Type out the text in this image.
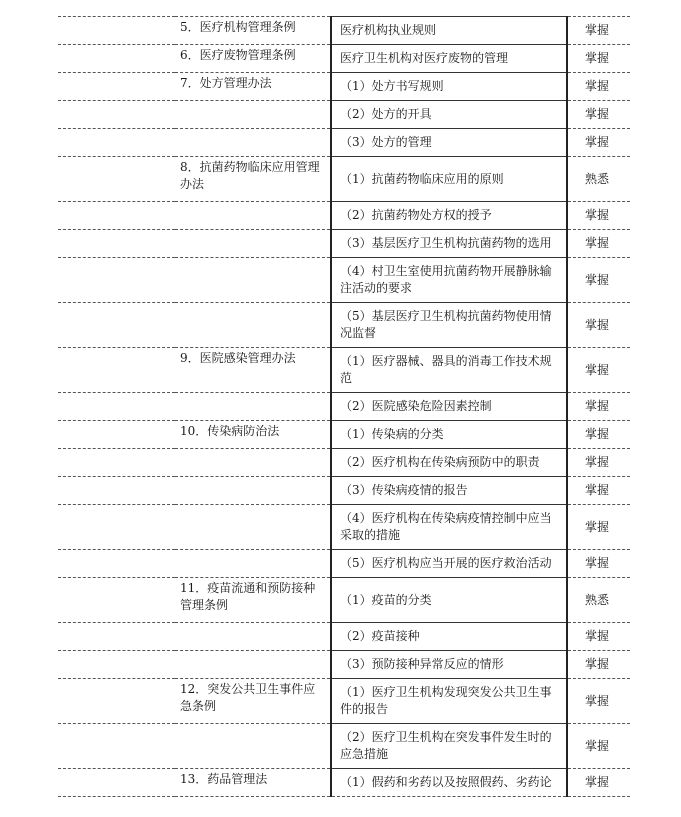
	5．医疗机构管理条例	医疗机构执业规则	掌握

	6．医疗废物管理条例	医疗卫生机构对医疗废物的管理	掌握

	7．处方管理办法	（1）处方书写规则	掌握

		（2）处方的开具	掌握

		（3）处方的管理	掌握

	8．抗菌药物临床应用管理办法	（1）抗菌药物临床应用的原则	熟悉

		（2）抗菌药物处方权的授予	掌握

		（3）基层医疗卫生机构抗菌药物的选用	掌握

		（4）村卫生室使用抗菌药物开展静脉输注活动的要求	掌握

		（5）基层医疗卫生机构抗菌药物使用情况监督	掌握

	9．医院感染管理办法	（1）医疗器械、器具的消毒工作技术规范	掌握

		（2）医院感染危险因素控制	掌握

	10．传染病防治法	（1）传染病的分类	掌握

		（2）医疗机构在传染病预防中的职责	掌握

		（3）传染病疫情的报告	掌握

		（4）医疗机构在传染病疫情控制中应当采取的措施	掌握

		（5）医疗机构应当开展的医疗救治活动	掌握

	11．疫苗流通和预防接种管理条例	（1）疫苗的分类	熟悉

		（2）疫苗接种	掌握

		（3）预防接种异常反应的情形	掌握

	12．突发公共卫生事件应急条例	（1）医疗卫生机构发现突发公共卫生事件的报告	掌握

		（2）医疗卫生机构在突发事件发生时的应急措施	掌握

	13．药品管理法	（1）假药和劣药以及按照假药、劣药论	掌握
